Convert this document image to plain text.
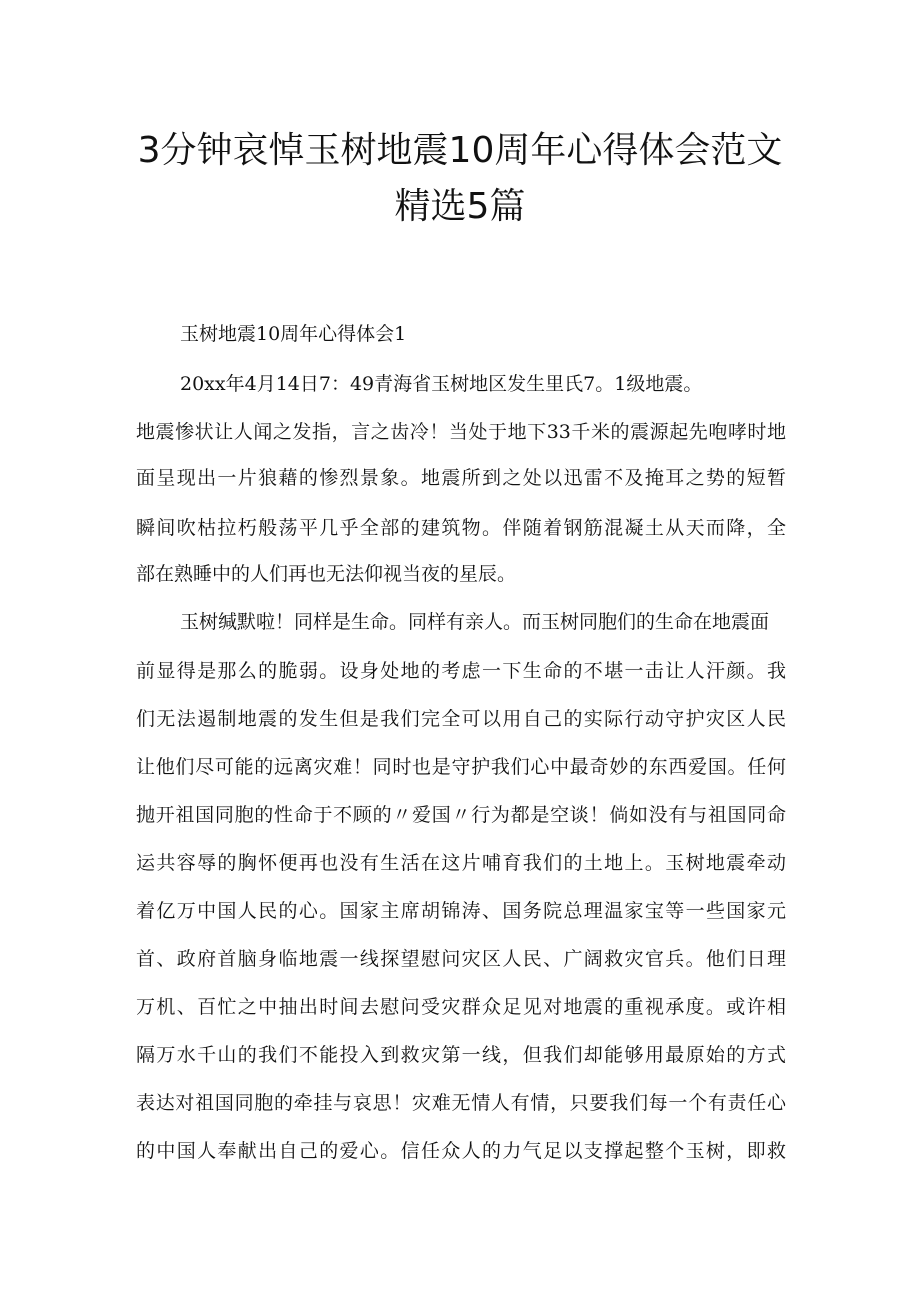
3分钟哀悼玉树地震10周年心得体会范文
精选5篇

玉树地震10周年心得体会1

20xx年4月14日7：49青海省玉树地区发生里氏7。1级地震。

地震惨状让人闻之发指，言之齿冷！当处于地下33千米的震源起先咆哮时地

面呈现出一片狼藉的惨烈景象。地震所到之处以迅雷不及掩耳之势的短暂

瞬间吹枯拉朽般荡平几乎全部的建筑物。伴随着钢筋混凝土从天而降，全

部在熟睡中的人们再也无法仰视当夜的星辰。

玉树缄默啦！同样是生命。同样有亲人。而玉树同胞们的生命在地震面

前显得是那么的脆弱。设身处地的考虑一下生命的不堪一击让人汗颜。我

们无法遏制地震的发生但是我们完全可以用自己的实际行动守护灾区人民

让他们尽可能的远离灾难！同时也是守护我们心中最奇妙的东西爱国。任何

抛开祖国同胞的性命于不顾的〃爱国〃行为都是空谈！倘如没有与祖国同命

运共容辱的胸怀便再也没有生活在这片哺育我们的土地上。玉树地震牵动

着亿万中国人民的心。国家主席胡锦涛、国务院总理温家宝等一些国家元

首、政府首脑身临地震一线探望慰问灾区人民、广阔救灾官兵。他们日理

万机、百忙之中抽出时间去慰问受灾群众足见对地震的重视承度。或许相

隔万水千山的我们不能投入到救灾第一线，但我们却能够用最原始的方式

表达对祖国同胞的牵挂与哀思！灾难无情人有情，只要我们每一个有责任心

的中国人奉献出自己的爱心。信任众人的力气足以支撑起整个玉树，即救
